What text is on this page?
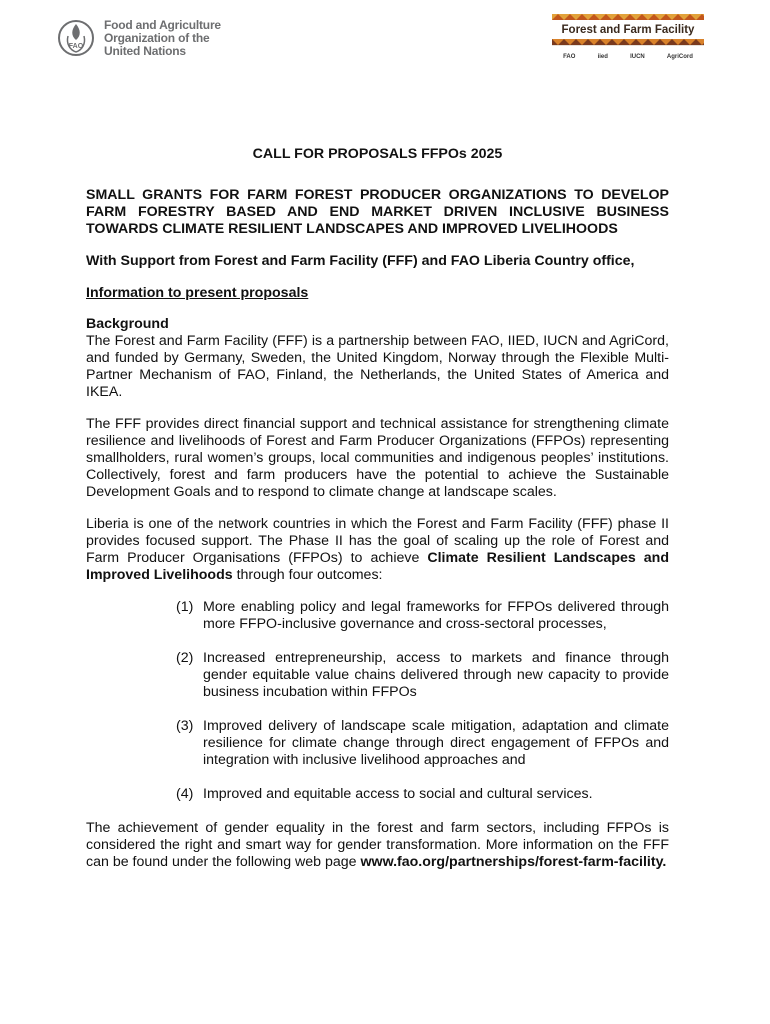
FAO
Food and Agriculture
Organization of the
United Nations
Forest and Farm Facility
FAO	iied	IUCN	AgriCord
CALL FOR PROPOSALS FFPOs 2025
SMALL GRANTS FOR FARM FOREST PRODUCER ORGANIZATIONS TO DEVELOP FARM FORESTRY BASED AND END MARKET DRIVEN INCLUSIVE BUSINESS TOWARDS CLIMATE RESILIENT LANDSCAPES AND IMPROVED LIVELIHOODS
With Support from Forest and Farm Facility (FFF) and FAO Liberia Country office,
Information to present proposals
Background

The Forest and Farm Facility (FFF) is a partnership between FAO, IIED, IUCN and AgriCord, and funded by Germany, Sweden, the United Kingdom, Norway through the Flexible Multi-Partner Mechanism of FAO, Finland, the Netherlands, the United States of America and IKEA.

The FFF provides direct financial support and technical assistance for strengthening climate resilience and livelihoods of Forest and Farm Producer Organizations (FFPOs) representing smallholders, rural women’s groups, local communities and indigenous peoples’ institutions. Collectively, forest and farm producers have the potential to achieve the Sustainable Development Goals and to respond to climate change at landscape scales.

Liberia is one of the network countries in which the Forest and Farm Facility (FFF) phase II provides focused support. The Phase II has the goal of scaling up the role of Forest and Farm Producer Organisations (FFPOs) to achieve Climate Resilient Landscapes and Improved Livelihoods through four outcomes:

(1) More enabling policy and legal frameworks for FFPOs delivered through more FFPO-inclusive governance and cross-sectoral processes,
(2) Increased entrepreneurship, access to markets and finance through gender equitable value chains delivered through new capacity to provide business incubation within FFPOs
(3) Improved delivery of landscape scale mitigation, adaptation and climate resilience for climate change through direct engagement of FFPOs and integration with inclusive livelihood approaches and
(4) Improved and equitable access to social and cultural services.

The achievement of gender equality in the forest and farm sectors, including FFPOs is considered the right and smart way for gender transformation. More information on the FFF can be found under the following web page www.fao.org/partnerships/forest-farm-facility.
